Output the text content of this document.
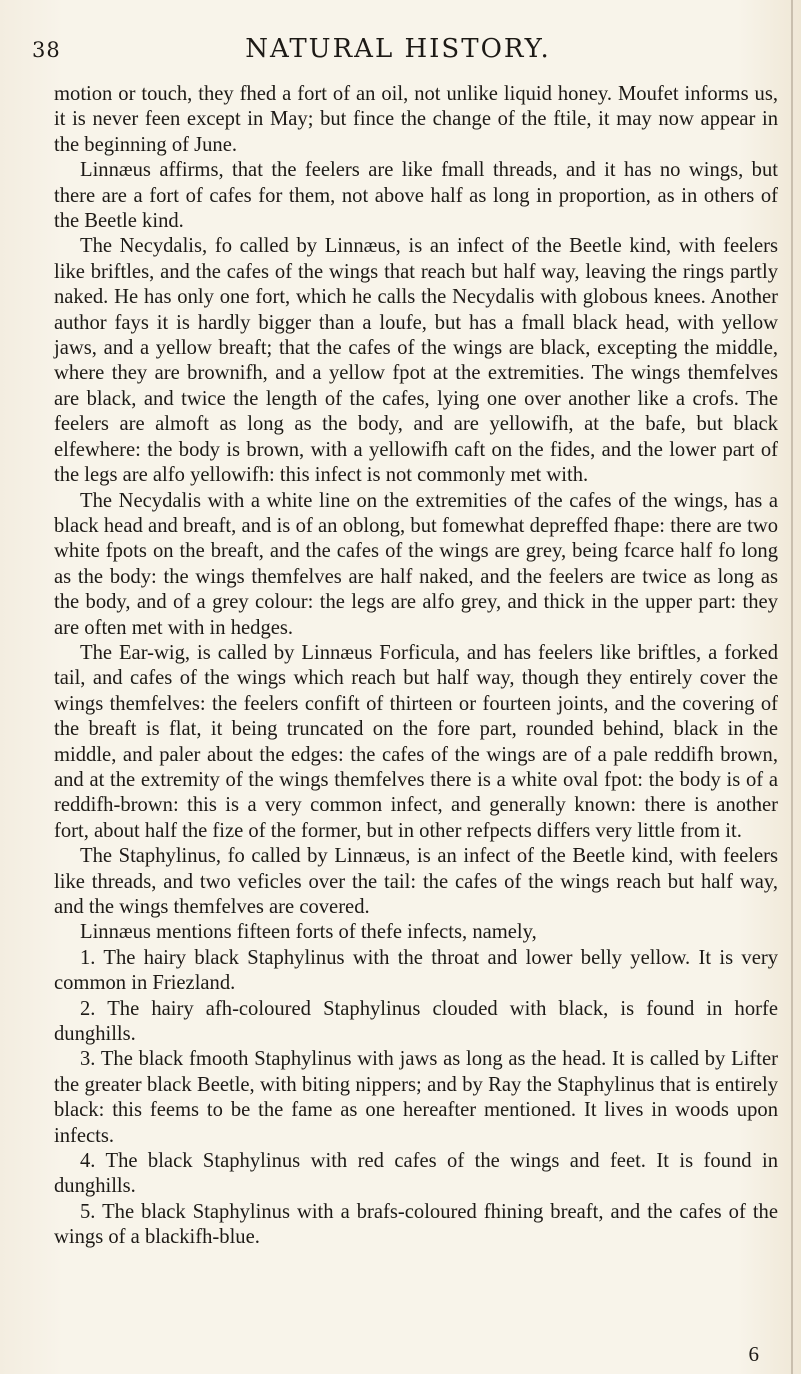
38	NATURAL HISTORY.

motion or touch, they fhed a fort of an oil, not unlike liquid honey. Moufet informs us, it is never feen except in May; but fince the change of the ftile, it may now appear in the beginning of June.

Linnæus affirms, that the feelers are like fmall threads, and it has no wings, but there are a fort of cafes for them, not above half as long in proportion, as in others of the Beetle kind.

The Necydalis, fo called by Linnæus, is an infect of the Beetle kind, with feelers like briftles, and the cafes of the wings that reach but half way, leaving the rings partly naked. He has only one fort, which he calls the Necydalis with globous knees. Another author fays it is hardly bigger than a loufe, but has a fmall black head, with yellow jaws, and a yellow breaft; that the cafes of the wings are black, excepting the middle, where they are brownifh, and a yellow fpot at the extremities. The wings themfelves are black, and twice the length of the cafes, lying one over another like a crofs. The feelers are almoft as long as the body, and are yellowifh, at the bafe, but black elfewhere: the body is brown, with a yellowifh caft on the fides, and the lower part of the legs are alfo yellowifh: this infect is not commonly met with.

The Necydalis with a white line on the extremities of the cafes of the wings, has a black head and breaft, and is of an oblong, but fomewhat depreffed fhape: there are two white fpots on the breaft, and the cafes of the wings are grey, being fcarce half fo long as the body: the wings themfelves are half naked, and the feelers are twice as long as the body, and of a grey colour: the legs are alfo grey, and thick in the upper part: they are often met with in hedges.

The Ear-wig, is called by Linnæus Forficula, and has feelers like briftles, a forked tail, and cafes of the wings which reach but half way, though they entirely cover the wings themfelves: the feelers confift of thirteen or fourteen joints, and the covering of the breaft is flat, it being truncated on the fore part, rounded behind, black in the middle, and paler about the edges: the cafes of the wings are of a pale reddifh brown, and at the extremity of the wings themfelves there is a white oval fpot: the body is of a reddifh-brown: this is a very common infect, and generally known: there is another fort, about half the fize of the former, but in other refpects differs very little from it.

The Staphylinus, fo called by Linnæus, is an infect of the Beetle kind, with feelers like threads, and two veficles over the tail: the cafes of the wings reach but half way, and the wings themfelves are covered.

Linnæus mentions fifteen forts of thefe infects, namely,

1. The hairy black Staphylinus with the throat and lower belly yellow. It is very common in Friezland.

2. The hairy afh-coloured Staphylinus clouded with black, is found in horfe dunghills.

3. The black fmooth Staphylinus with jaws as long as the head. It is called by Lifter the greater black Beetle, with biting nippers; and by Ray the Staphylinus that is entirely black: this feems to be the fame as one hereafter mentioned. It lives in woods upon infects.

4. The black Staphylinus with red cafes of the wings and feet. It is found in dunghills.

5. The black Staphylinus with a brafs-coloured fhining breaft, and the cafes of the wings of a blackifh-blue.

6
